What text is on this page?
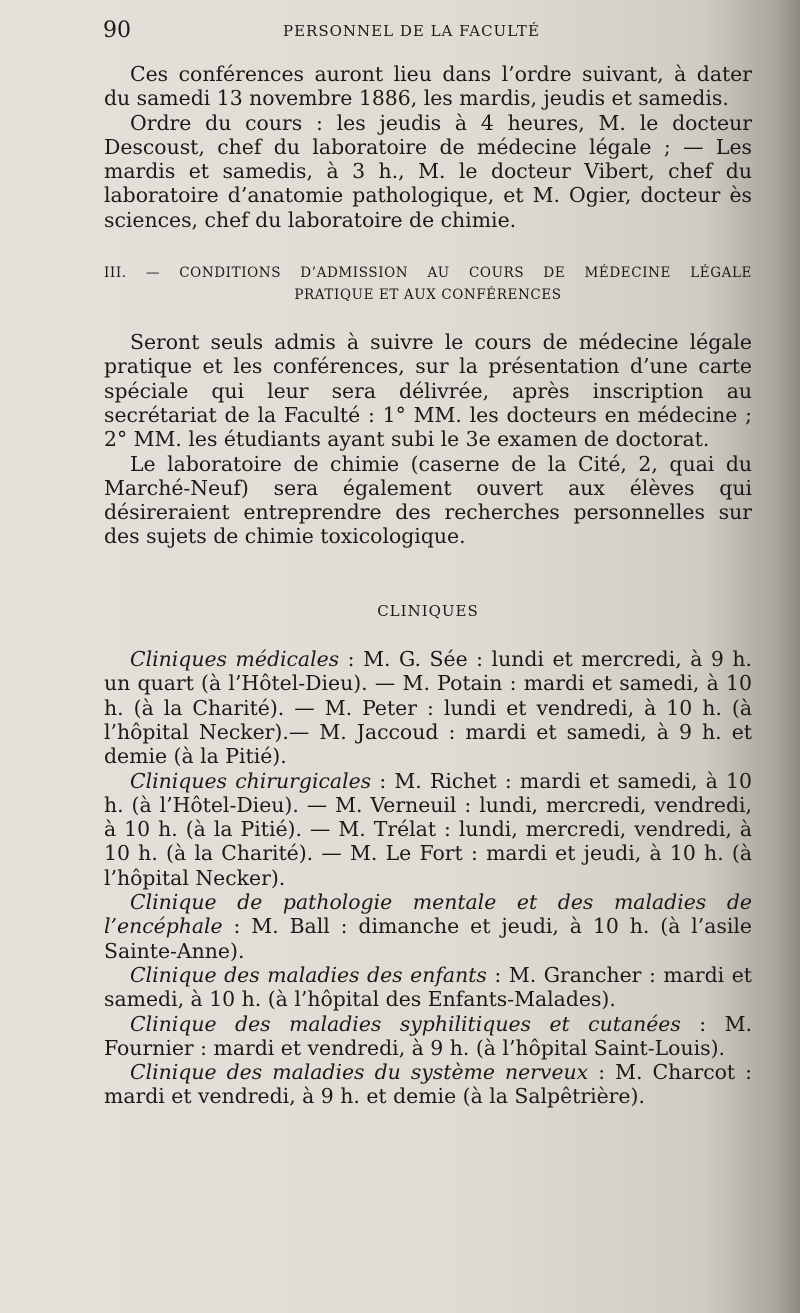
90	PERSONNEL DE LA FACULTÉ

Ces conférences auront lieu dans l’ordre suivant, à dater du samedi 13 novembre 1886, les mardis, jeudis et samedis.

Ordre du cours : les jeudis à 4 heures, M. le docteur Descoust, chef du laboratoire de médecine légale ; — Les mardis et samedis, à 3 h., M. le docteur Vibert, chef du laboratoire d’anatomie pathologique, et M. Ogier, docteur ès sciences, chef du laboratoire de chimie.

III. — CONDITIONS D’ADMISSION AU COURS DE MÉDECINE LÉGALE
PRATIQUE ET AUX CONFÉRENCES

Seront seuls admis à suivre le cours de médecine légale pratique et les conférences, sur la présentation d’une carte spéciale qui leur sera délivrée, après inscription au secrétariat de la Faculté : 1° MM. les docteurs en médecine ; 2° MM. les étudiants ayant subi le 3e examen de doctorat.

Le laboratoire de chimie (caserne de la Cité, 2, quai du Marché-Neuf) sera également ouvert aux élèves qui désireraient entreprendre des recherches personnelles sur des sujets de chimie toxicologique.

CLINIQUES

Cliniques médicales : M. G. Sée : lundi et mercredi, à 9 h. un quart (à l’Hôtel-Dieu). — M. Potain : mardi et samedi, à 10 h. (à la Charité). — M. Peter : lundi et vendredi, à 10 h. (à l’hôpital Necker).— M. Jaccoud : mardi et samedi, à 9 h. et demie (à la Pitié).

Cliniques chirurgicales : M. Richet : mardi et samedi, à 10 h. (à l’Hôtel-Dieu). — M. Verneuil : lundi, mercredi, vendredi, à 10 h. (à la Pitié). — M. Trélat : lundi, mercredi, vendredi, à 10 h. (à la Charité). — M. Le Fort : mardi et jeudi, à 10 h. (à l’hôpital Necker).

Clinique de pathologie mentale et des maladies de l’encéphale : M. Ball : dimanche et jeudi, à 10 h. (à l’asile Sainte-Anne).

Clinique des maladies des enfants : M. Grancher : mardi et samedi, à 10 h. (à l’hôpital des Enfants-Malades).

Clinique des maladies syphilitiques et cutanées : M. Fournier : mardi et vendredi, à 9 h. (à l’hôpital Saint-Louis).

Clinique des maladies du système nerveux : M. Charcot : mardi et vendredi, à 9 h. et demie (à la Salpêtrière).
